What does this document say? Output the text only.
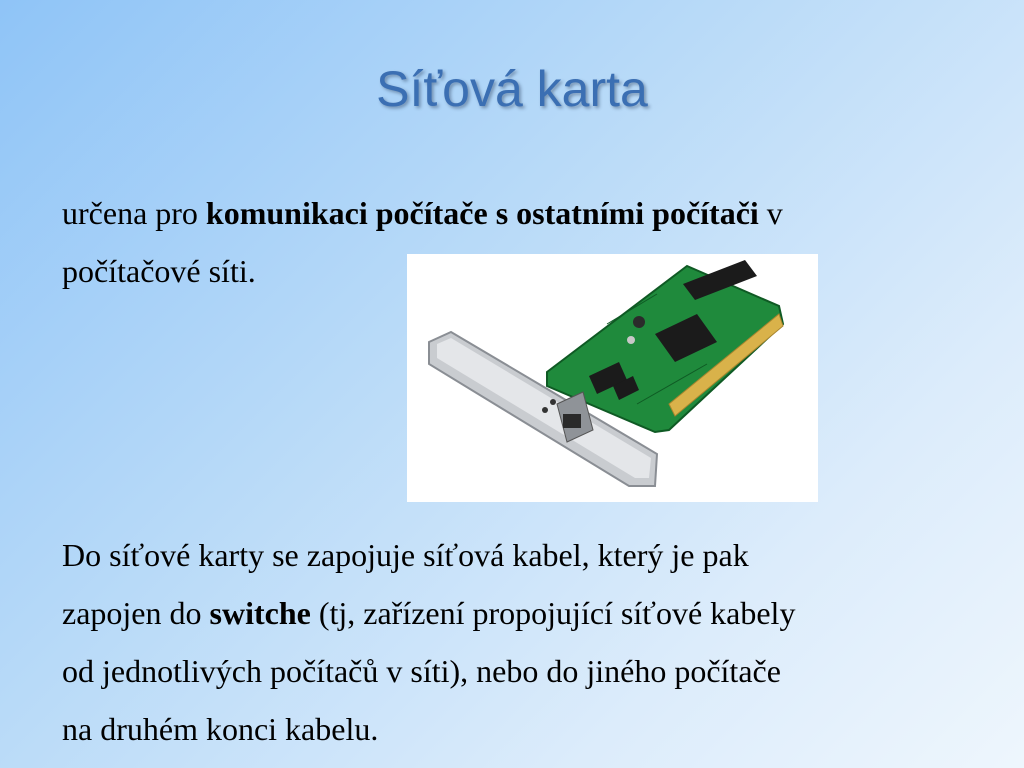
Síťová karta
určena pro komunikaci počítače s ostatními počítači v
počítačové síti.
Do síťové karty se zapojuje síťová kabel, který je pak
zapojen do switche (tj, zařízení propojující síťové kabely
od jednotlivých počítačů v síti), nebo do jiného počítače
na druhém konci kabelu.
